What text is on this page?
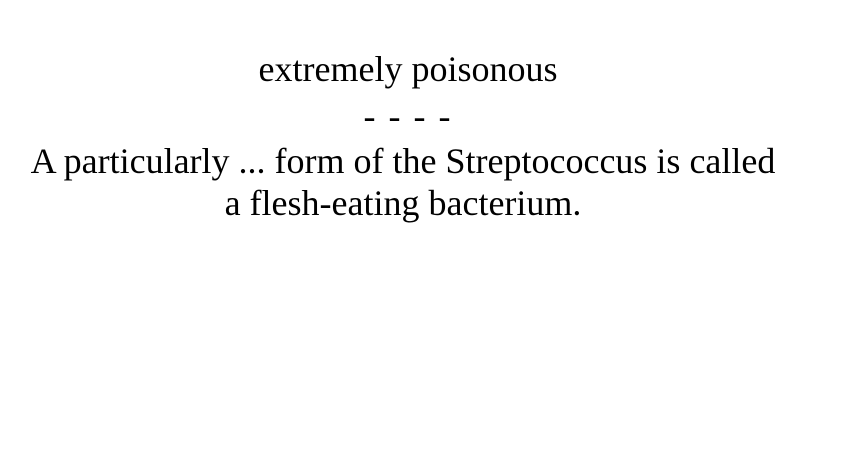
extremely poisonous
- - - -
A particularly ... form of the Streptococcus is called a flesh-eating bacterium.
